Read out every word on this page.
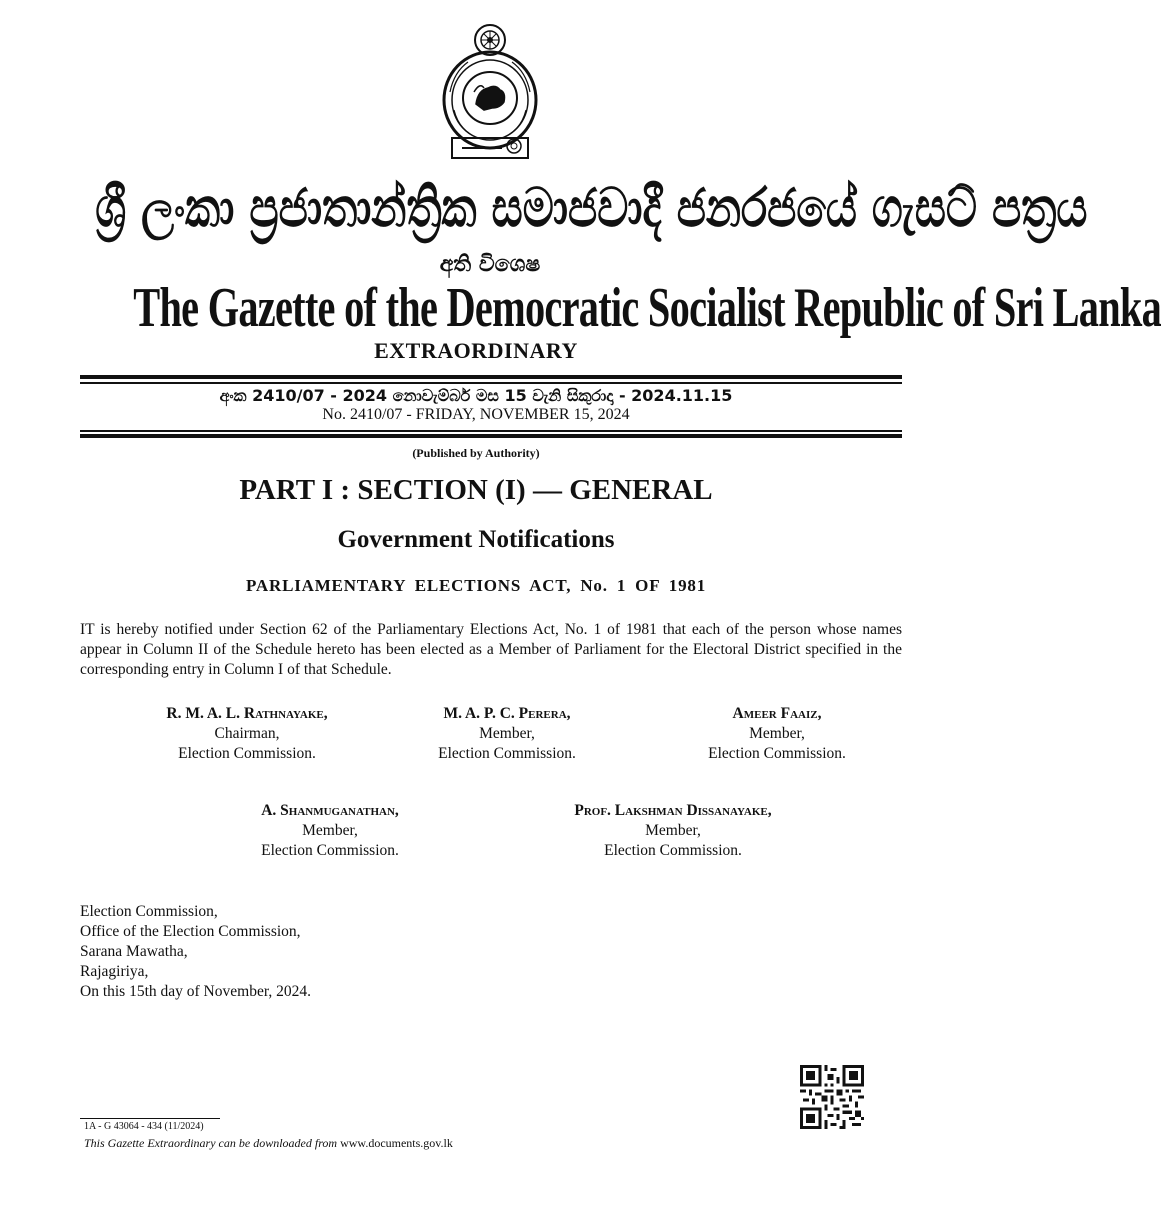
ශ්‍රී ලංකා ප්‍රජාතාන්ත්‍රික සමාජවාදී ජනරජයේ ගැසට් පත්‍රය
අති විශෙෂ
The Gazette of the Democratic Socialist Republic of Sri Lanka
EXTRAORDINARY
අංක 2410/07 - 2024 නොවැම්බර් මස 15 වැනි සිකුරාදා - 2024.11.15
No. 2410/07 - FRIDAY, NOVEMBER 15, 2024
(Published by Authority)
PART I : SECTION (I) — GENERAL
Government Notifications
PARLIAMENTARY ELECTIONS ACT, No. 1 OF 1981
IT is hereby notified under Section 62 of the Parliamentary Elections Act, No. 1 of 1981 that each of the person whose names appear in Column II of the Schedule hereto has been elected as a Member of Parliament for the Electoral District specified in the corresponding entry in Column I of that Schedule.
R. M. A. L. Rathnayake,
Chairman,
Election Commission.
M. A. P. C. Perera,
Member,
Election Commission.
Ameer Faaiz,
Member,
Election Commission.
A. Shanmuganathan,
Member,
Election Commission.
Prof. Lakshman Dissanayake,
Member,
Election Commission.
Election Commission,
Office of the Election Commission,
Sarana Mawatha,
Rajagiriya,
On this 15th day of November, 2024.
1A - G 43064 - 434 (11/2024)
This Gazette Extraordinary can be downloaded from www.documents.gov.lk
